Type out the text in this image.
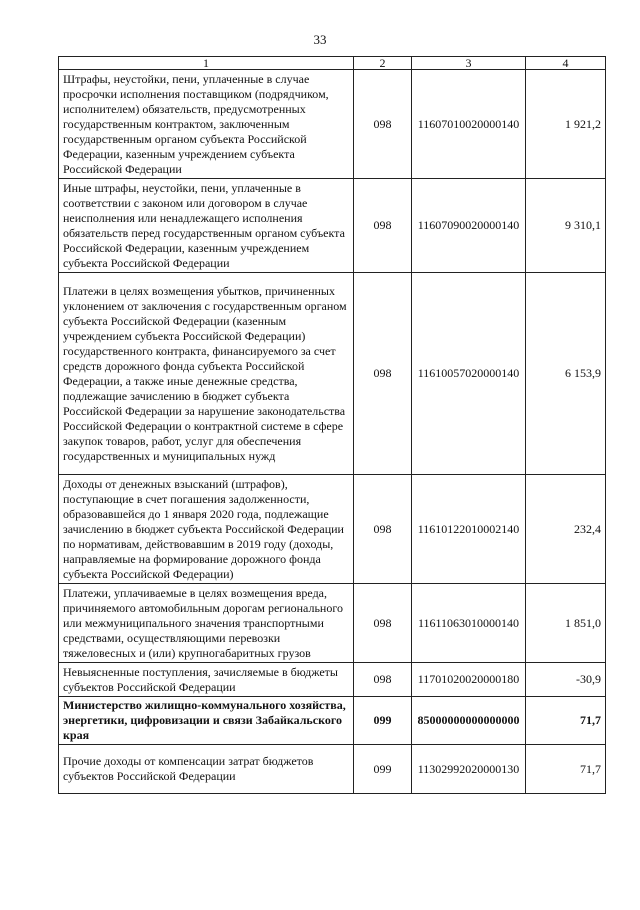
33
1	2	3	4
Штрафы, неустойки, пени, уплаченные в случае просрочки исполнения поставщиком (подрядчиком, исполнителем) обязательств, предусмотренных государственным контрактом, заключенным государственным органом субъекта Российской Федерации, казенным учреждением субъекта Российской Федерации	098	11607010020000140	1 921,2
Иные штрафы, неустойки, пени, уплаченные в соответствии с законом или договором в случае неисполнения или ненадлежащего исполнения обязательств перед государственным органом субъекта Российской Федерации, казенным учреждением субъекта Российской Федерации	098	11607090020000140	9 310,1
Платежи в целях возмещения убытков, причиненных уклонением от заключения с государственным органом субъекта Российской Федерации (казенным учреждением субъекта Российской Федерации) государственного контракта, финансируемого за счет средств дорожного фонда субъекта Российской Федерации, а также иные денежные средства, подлежащие зачислению в бюджет субъекта Российской Федерации за нарушение законодательства Российской Федерации о контрактной системе в сфере закупок товаров, работ, услуг для обеспечения государственных и муниципальных нужд	098	11610057020000140	6 153,9
Доходы от денежных взысканий (штрафов), поступающие в счет погашения задолженности, образовавшейся до 1 января 2020 года, подлежащие зачислению в бюджет субъекта Российской Федерации по нормативам, действовавшим в 2019 году (доходы, направляемые на формирование дорожного фонда субъекта Российской Федерации)	098	11610122010002140	232,4
Платежи, уплачиваемые в целях возмещения вреда, причиняемого автомобильным дорогам регионального или межмуниципального значения транспортными средствами, осуществляющими перевозки тяжеловесных и (или) крупногабаритных грузов	098	11611063010000140	1 851,0
Невыясненные поступления, зачисляемые в бюджеты субъектов Российской Федерации	098	11701020020000180	-30,9
Министерство жилищно-коммунального хозяйства, энергетики, цифровизации и связи Забайкальского края	099	85000000000000000	71,7
Прочие доходы от компенсации затрат бюджетов субъектов Российской Федерации	099	11302992020000130	71,7
